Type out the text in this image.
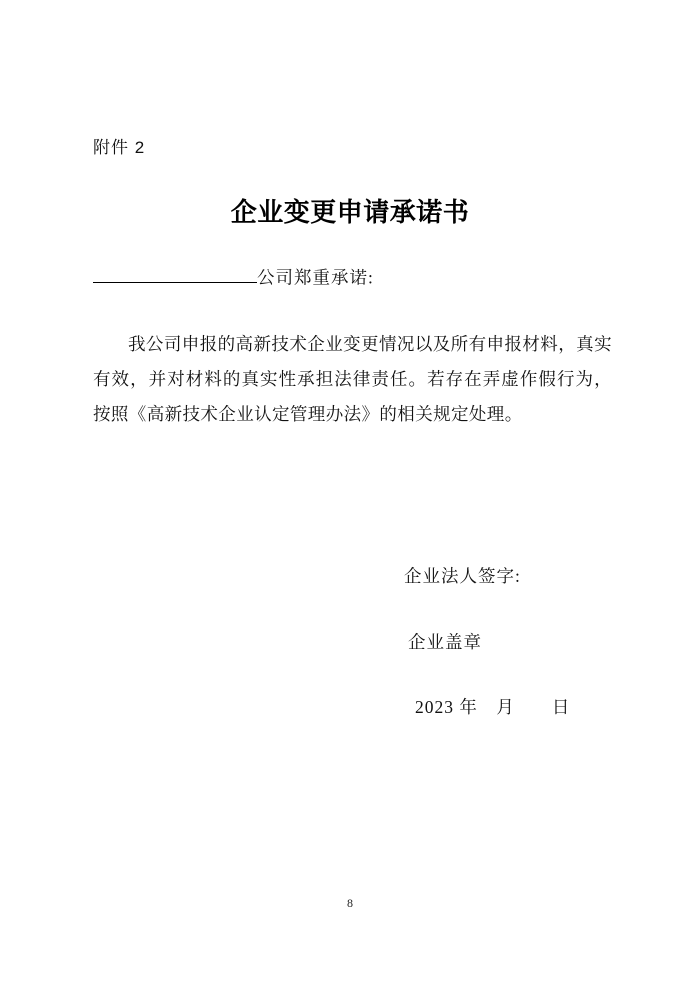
附件 2
企业变更申请承诺书
公司郑重承诺:
我公司申报的高新技术企业变更情况以及所有申报材料，真实有效，并对材料的真实性承担法律责任。若存在弄虚作假行为，按照《高新技术企业认定管理办法》的相关规定处理。
企业法人签字:
企业盖章
2023 年　月　　日
8
